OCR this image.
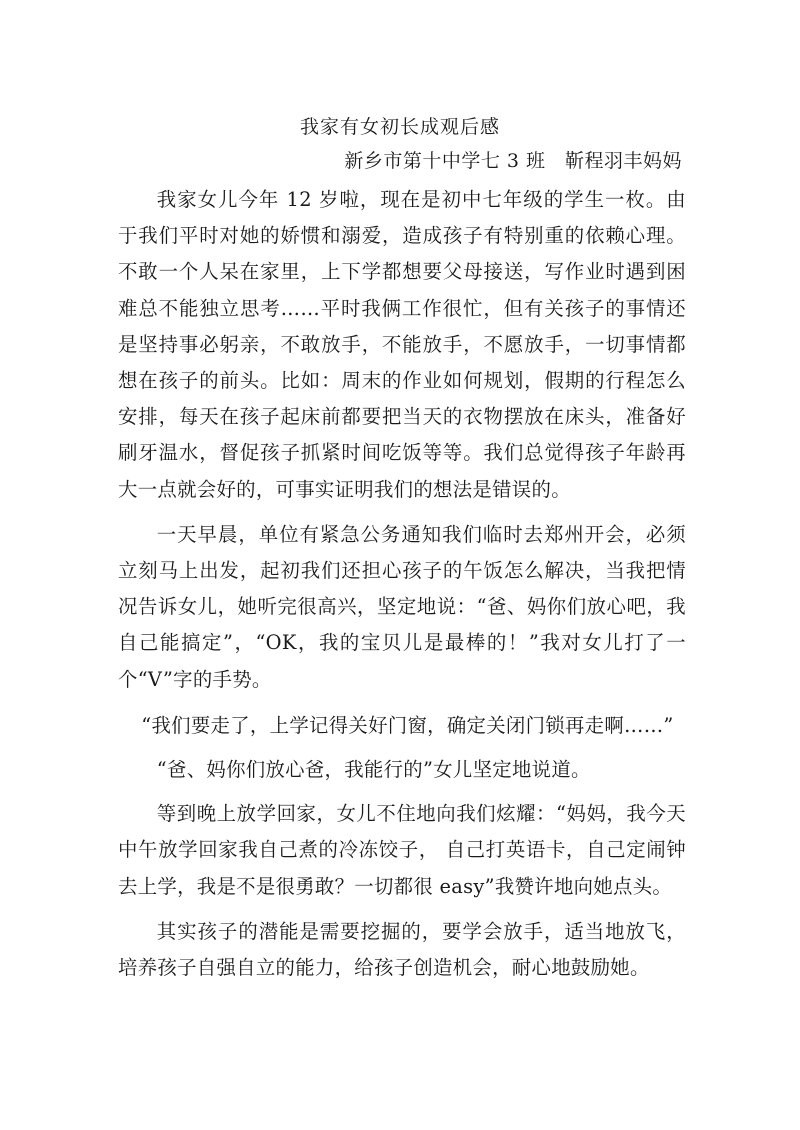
我家有女初长成观后感
新乡市第十中学七 3 班　靳程羽丰妈妈

我家女儿今年 12 岁啦，现在是初中七年级的学生一枚。由于我们平时对她的娇惯和溺爱，造成孩子有特别重的依赖心理。不敢一个人呆在家里，上下学都想要父母接送，写作业时遇到困难总不能独立思考……平时我俩工作很忙，但有关孩子的事情还是坚持事必躬亲，不敢放手，不能放手，不愿放手，一切事情都想在孩子的前头。比如：周末的作业如何规划，假期的行程怎么安排，每天在孩子起床前都要把当天的衣物摆放在床头，准备好刷牙温水，督促孩子抓紧时间吃饭等等。我们总觉得孩子年龄再大一点就会好的，可事实证明我们的想法是错误的。

一天早晨，单位有紧急公务通知我们临时去郑州开会，必须立刻马上出发，起初我们还担心孩子的午饭怎么解决，当我把情况告诉女儿，她听完很高兴，坚定地说：“爸、妈你们放心吧，我自己能搞定”，“OK，我的宝贝儿是最棒的！”我对女儿打了一个“V”字的手势。

“我们要走了，上学记得关好门窗，确定关闭门锁再走啊……”

“爸、妈你们放心爸，我能行的”女儿坚定地说道。

等到晚上放学回家，女儿不住地向我们炫耀：“妈妈，我今天中午放学回家我自己煮的冷冻饺子， 自己打英语卡，自己定闹钟去上学，我是不是很勇敢？一切都很 easy”我赞许地向她点头。

其实孩子的潜能是需要挖掘的，要学会放手，适当地放飞，培养孩子自强自立的能力，给孩子创造机会，耐心地鼓励她。
